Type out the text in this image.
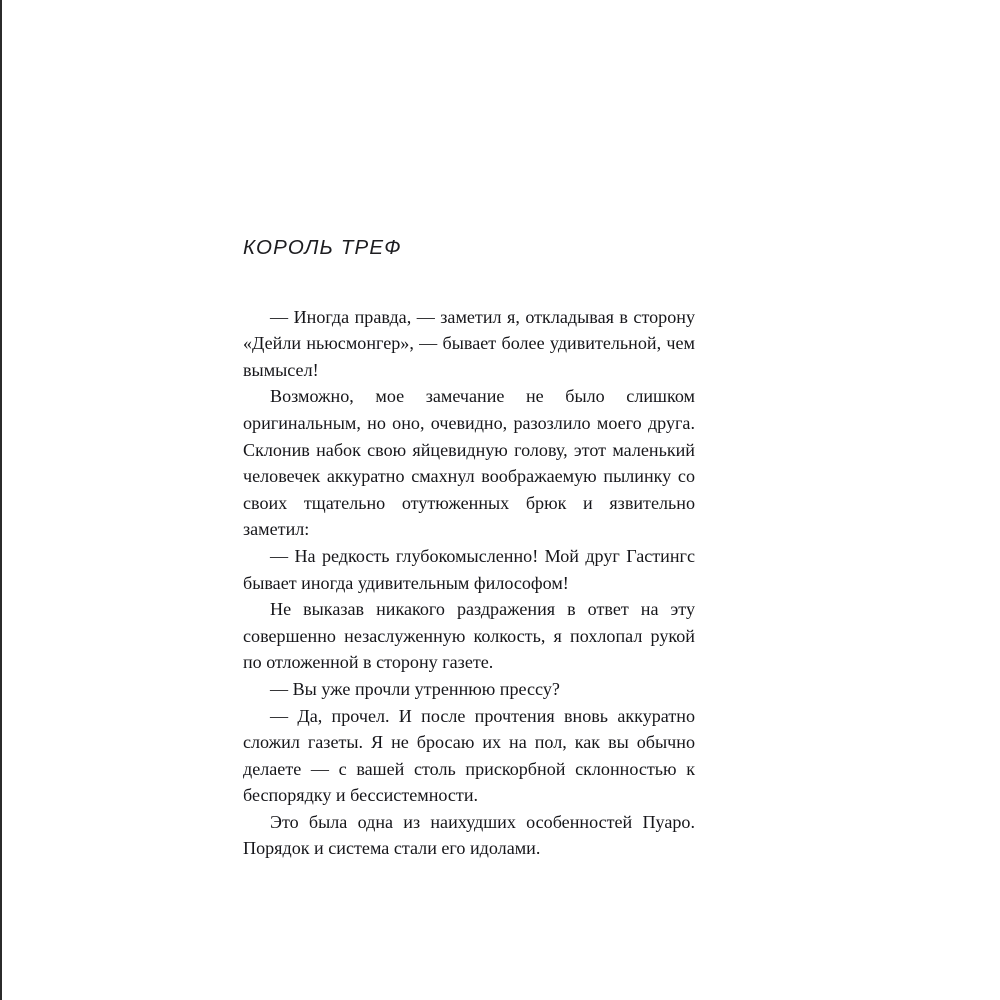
КОРОЛЬ ТРЕФ

— Иногда правда, — заметил я, откладывая в сторону «Дейли ньюсмонгер», — бывает более удивительной, чем вымысел!

Возможно, мое замечание не было слишком оригинальным, но оно, очевидно, разозлило моего друга. Склонив набок свою яйцевидную голову, этот маленький человечек аккуратно смахнул воображаемую пылинку со своих тщательно отутюженных брюк и язвительно заметил:

— На редкость глубокомысленно! Мой друг Гастингс бывает иногда удивительным философом!

Не выказав никакого раздражения в ответ на эту совершенно незаслуженную колкость, я похлопал рукой по отложенной в сторону газете.

— Вы уже прочли утреннюю прессу?

— Да, прочел. И после прочтения вновь аккуратно сложил газеты. Я не бросаю их на пол, как вы обычно делаете — с вашей столь прискорбной склонностью к беспорядку и бессистемности.

Это была одна из наихудших особенностей Пуаро. Порядок и система стали его идолами.
